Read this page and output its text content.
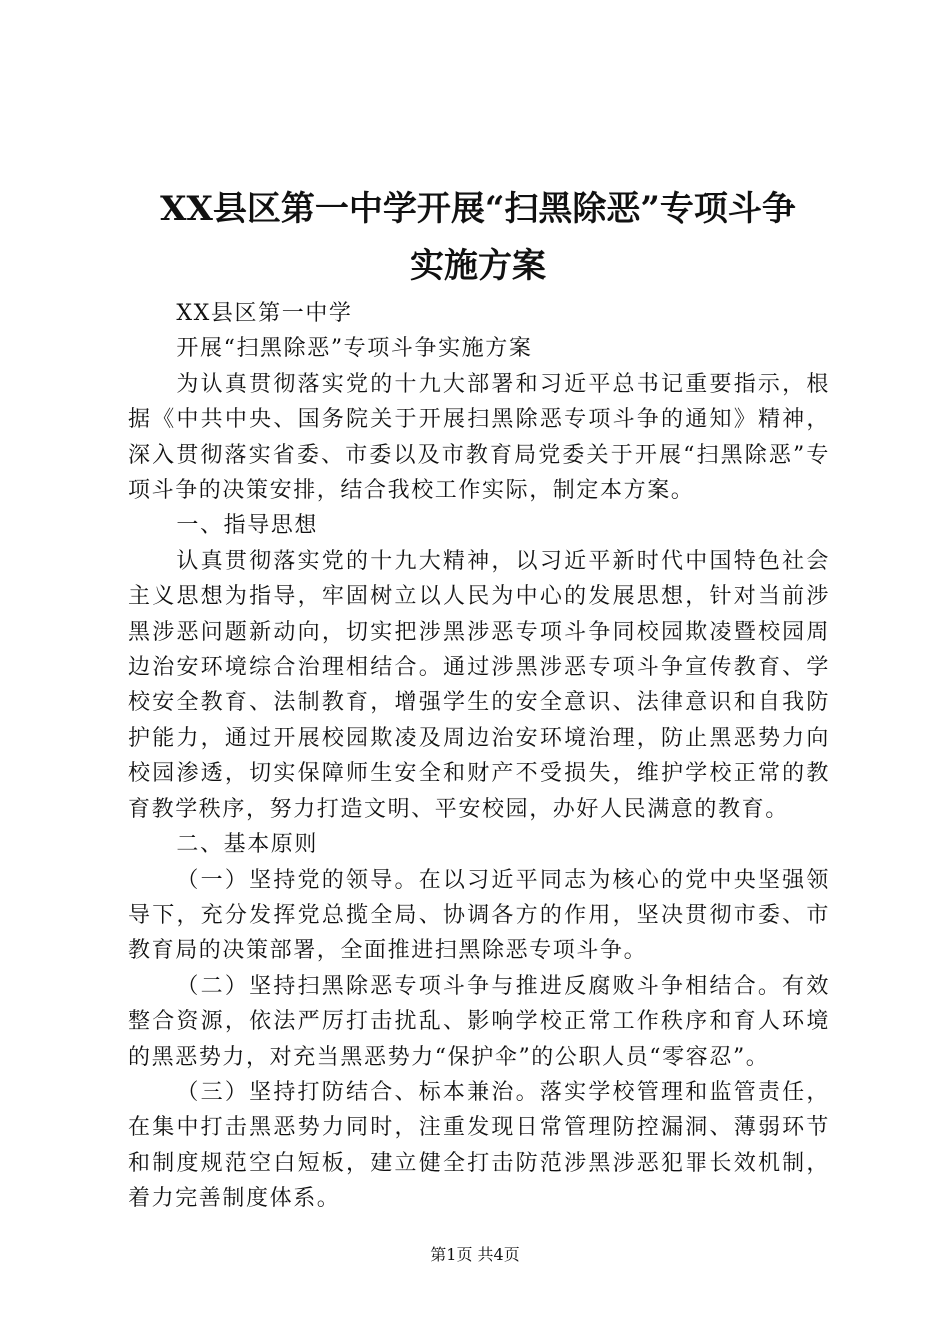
XX县区第一中学开展“扫黑除恶”专项斗争
实施方案

XX县区第一中学

开展“扫黑除恶”专项斗争实施方案

为认真贯彻落实党的十九大部署和习近平总书记重要指示，根据《中共中央、国务院关于开展扫黑除恶专项斗争的通知》精神，深入贯彻落实省委、市委以及市教育局党委关于开展“扫黑除恶”专项斗争的决策安排，结合我校工作实际，制定本方案。

一、指导思想

认真贯彻落实党的十九大精神，以习近平新时代中国特色社会主义思想为指导，牢固树立以人民为中心的发展思想，针对当前涉黑涉恶问题新动向，切实把涉黑涉恶专项斗争同校园欺凌暨校园周边治安环境综合治理相结合。通过涉黑涉恶专项斗争宣传教育、学校安全教育、法制教育，增强学生的安全意识、法律意识和自我防护能力，通过开展校园欺凌及周边治安环境治理，防止黑恶势力向校园渗透，切实保障师生安全和财产不受损失，维护学校正常的教育教学秩序，努力打造文明、平安校园，办好人民满意的教育。

二、基本原则

（一）坚持党的领导。在以习近平同志为核心的党中央坚强领导下，充分发挥党总揽全局、协调各方的作用，坚决贯彻市委、市教育局的决策部署，全面推进扫黑除恶专项斗争。

（二）坚持扫黑除恶专项斗争与推进反腐败斗争相结合。有效整合资源，依法严厉打击扰乱、影响学校正常工作秩序和育人环境的黑恶势力，对充当黑恶势力“保护伞”的公职人员“零容忍”。

（三）坚持打防结合、标本兼治。落实学校管理和监管责任，在集中打击黑恶势力同时，注重发现日常管理防控漏洞、薄弱环节和制度规范空白短板，建立健全打击防范涉黑涉恶犯罪长效机制，着力完善制度体系。

第1页 共4页
